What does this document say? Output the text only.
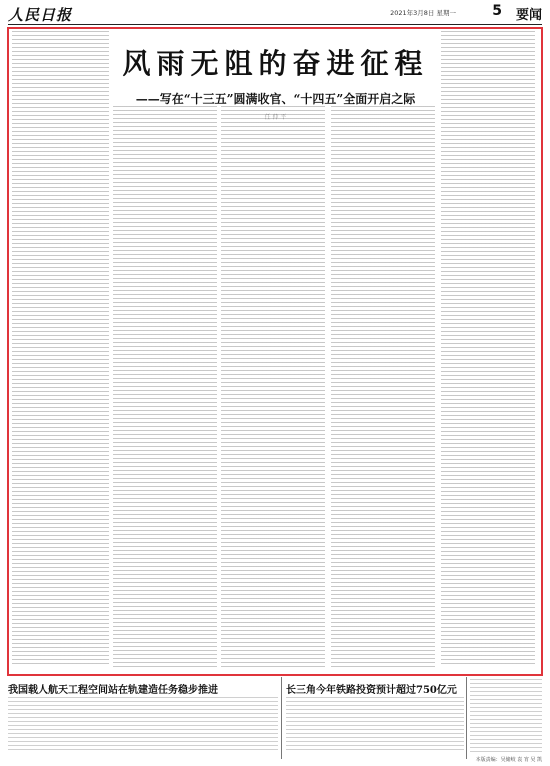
人民日报	2021年3月8日 星期一	5 要闻
风雨无阻的奋进征程
——写在“十三五”圆满收官、“十四五”全面开启之际
我国载人航天工程空间站在轨建造任务稳步推进	长三角今年铁路投资预计超过750亿元
本版责编：吴储岐 袁 宵 吴 凯
